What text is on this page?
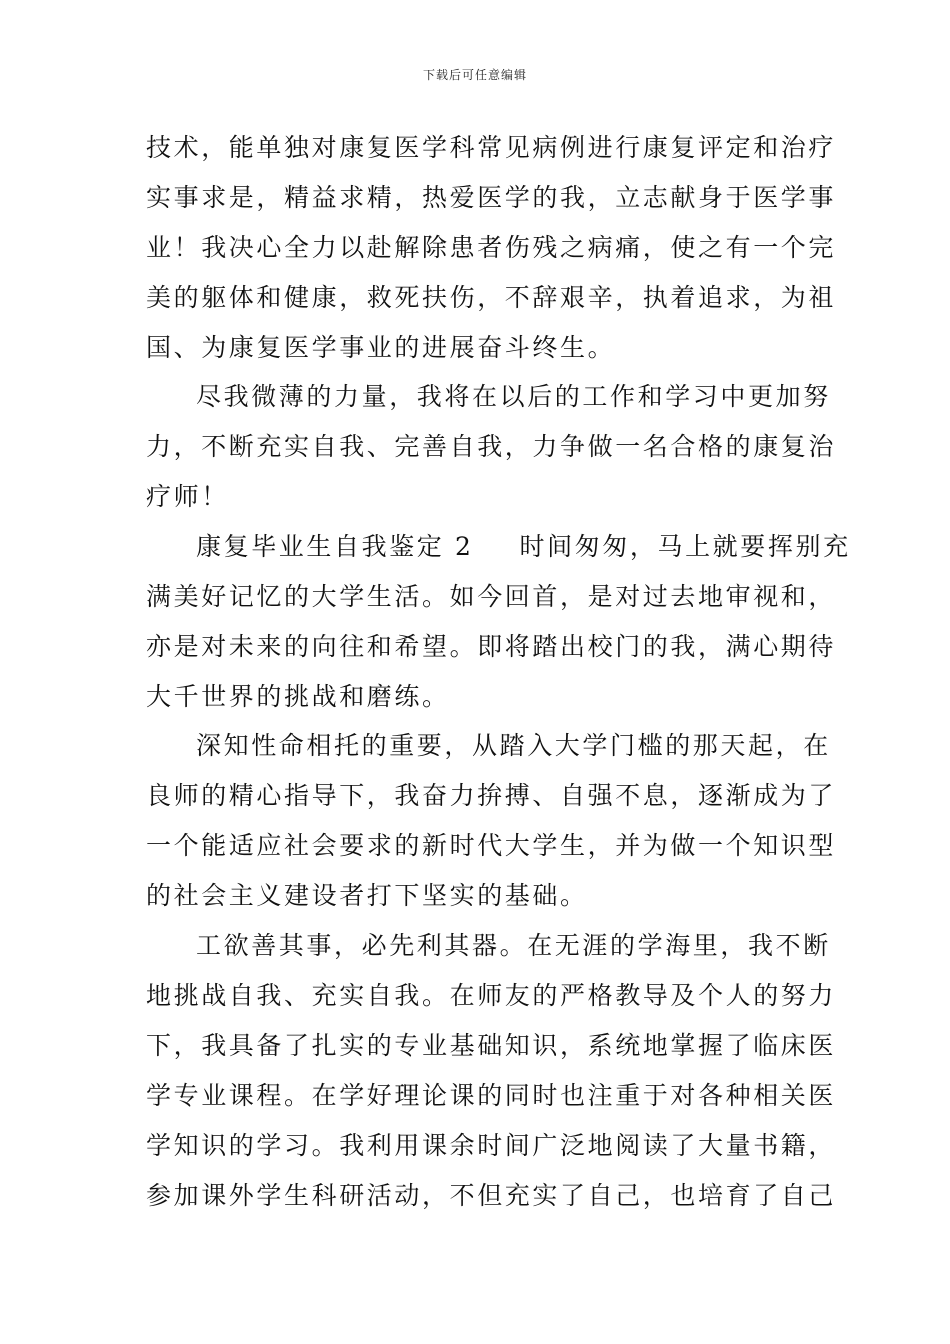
下载后可任意编辑
技术，能单独对康复医学科常见病例进行康复评定和治疗
实事求是，精益求精，热爱医学的我，立志献身于医学事
业！我决心全力以赴解除患者伤残之病痛，使之有一个完
美的躯体和健康，救死扶伤，不辞艰辛，执着追求，为祖
国、为康复医学事业的进展奋斗终生。
尽我微薄的力量，我将在以后的工作和学习中更加努
力，不断充实自我、完善自我，力争做一名合格的康复治
疗师！
康复毕业生自我鉴定 2 时间匆匆，马上就要挥别充
满美好记忆的大学生活。如今回首，是对过去地审视和，
亦是对未来的向往和希望。即将踏出校门的我，满心期待
大千世界的挑战和磨练。
深知性命相托的重要，从踏入大学门槛的那天起，在
良师的精心指导下，我奋力拚搏、自强不息，逐渐成为了
一个能适应社会要求的新时代大学生，并为做一个知识型
的社会主义建设者打下坚实的基础。
工欲善其事，必先利其器。在无涯的学海里，我不断
地挑战自我、充实自我。在师友的严格教导及个人的努力
下，我具备了扎实的专业基础知识，系统地掌握了临床医
学专业课程。在学好理论课的同时也注重于对各种相关医
学知识的学习。我利用课余时间广泛地阅读了大量书籍，
参加课外学生科研活动，不但充实了自己，也培育了自己
